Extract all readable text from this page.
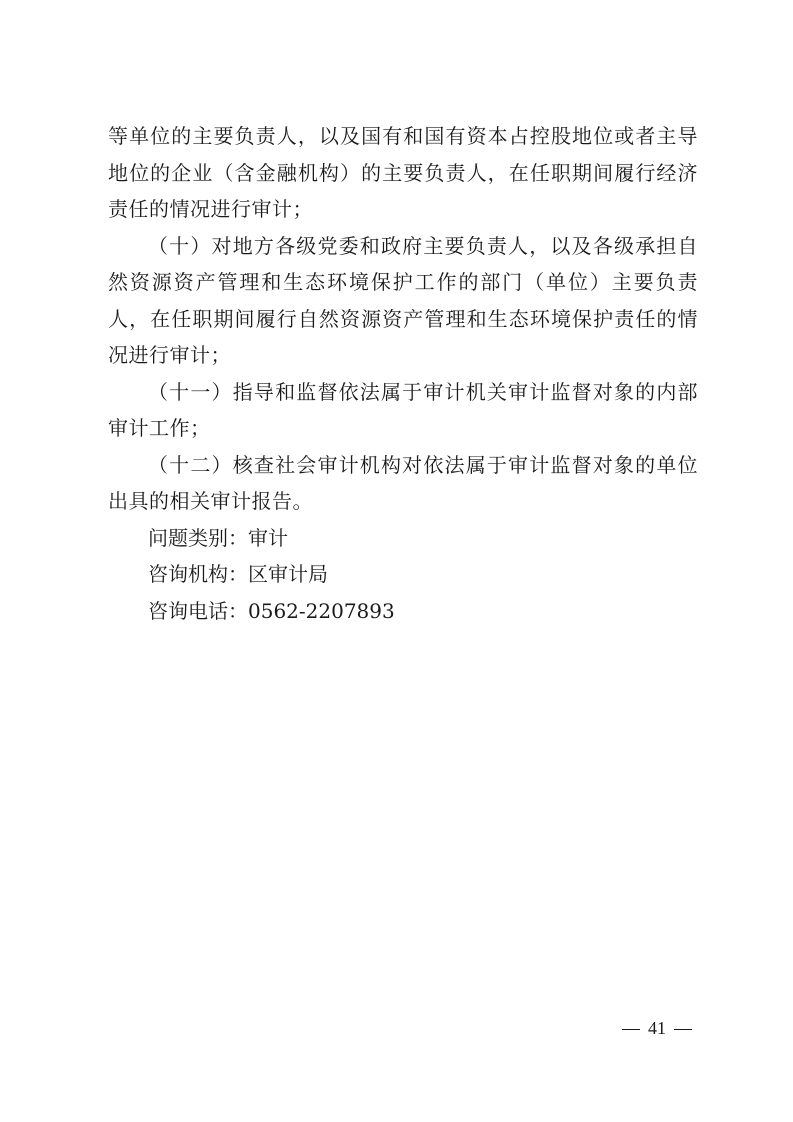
等单位的主要负责人，以及国有和国有资本占控股地位或者主导地位的企业（含金融机构）的主要负责人，在任职期间履行经济责任的情况进行审计；

（十）对地方各级党委和政府主要负责人，以及各级承担自然资源资产管理和生态环境保护工作的部门（单位）主要负责人，在任职期间履行自然资源资产管理和生态环境保护责任的情况进行审计；

（十一）指导和监督依法属于审计机关审计监督对象的内部审计工作；

（十二）核查社会审计机构对依法属于审计监督对象的单位出具的相关审计报告。

问题类别：审计

咨询机构：区审计局

咨询电话：0562-2207893

41
